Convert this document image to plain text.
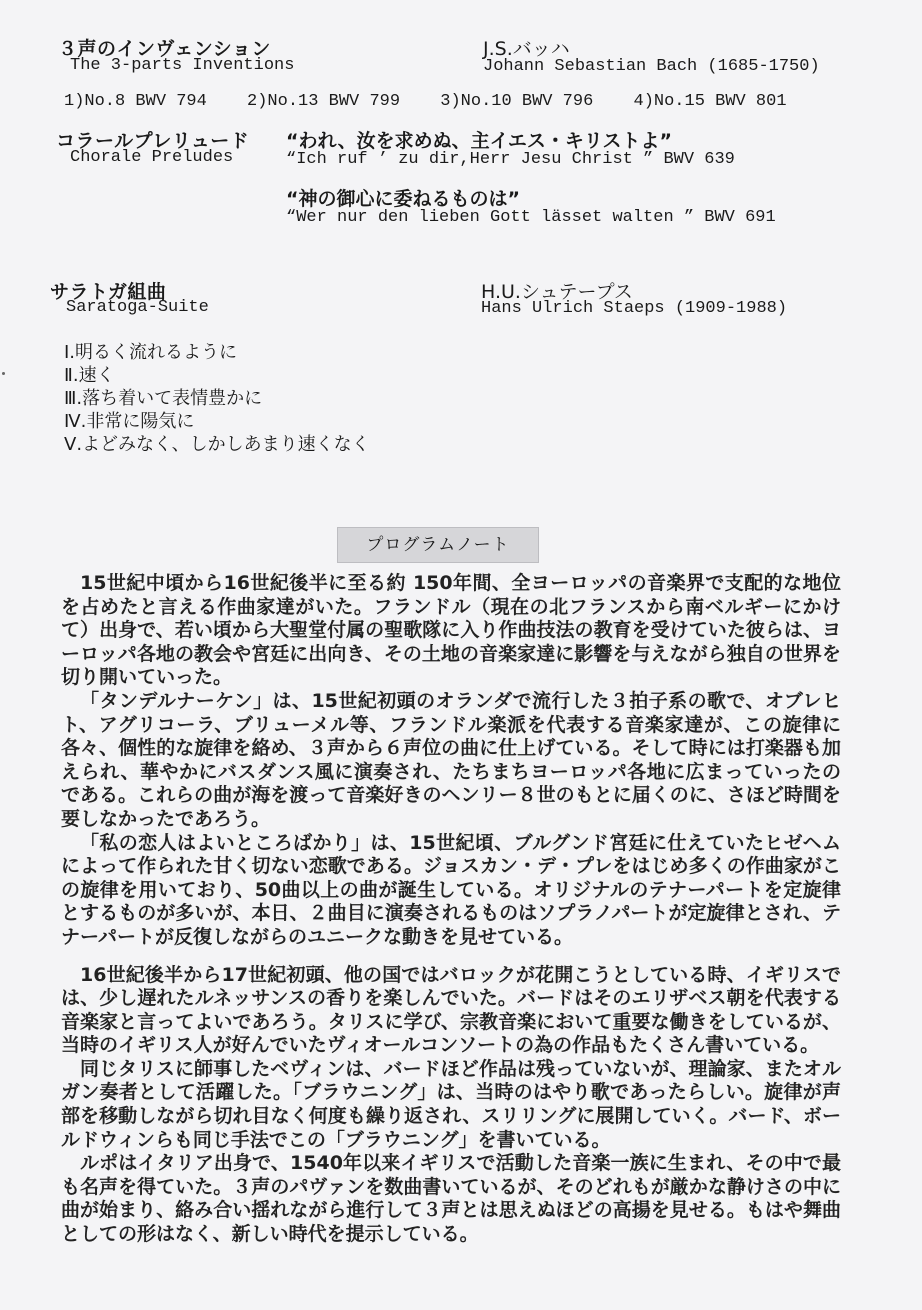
３声のインヴェンション
The 3-parts Inventions
J.S.バッハ
Johann Sebastian Bach (1685-1750)
1)No.8 BWV 794 2)No.13 BWV 799 3)No.10 BWV 796 4)No.15 BWV 801
コラールプレリュード
Chorale Preludes
“われ、汝を求めぬ、主イエス・キリストよ”
“Ich ruf ’ zu dir,Herr Jesu Christ ” BWV 639
“神の御心に委ねるものは”
“Wer nur den lieben Gott lässet walten ” BWV 691
サラトガ組曲
Saratoga-Suite
H.U.シュテープス
Hans Ulrich Staeps (1909-1988)
Ⅰ.明るく流れるように
Ⅱ.速く
Ⅲ.落ち着いて表情豊かに
Ⅳ.非常に陽気に
Ⅴ.よどみなく、しかしあまり速くなく
プログラムノート

15世紀中頃から16世紀後半に至る約 150年間、全ヨーロッパの音楽界で支配的な地位を占めたと言える作曲家達がいた。フランドル（現在の北フランスから南ベルギーにかけて）出身で、若い頃から大聖堂付属の聖歌隊に入り作曲技法の教育を受けていた彼らは、ヨーロッパ各地の教会や宮廷に出向き、その土地の音楽家達に影響を与えながら独自の世界を切り開いていった。

「タンデルナーケン」は、15世紀初頭のオランダで流行した３拍子系の歌で、オブレヒト、アグリコーラ、ブリューメル等、フランドル楽派を代表する音楽家達が、この旋律に各々、個性的な旋律を絡め、３声から６声位の曲に仕上げている。そして時には打楽器も加えられ、華やかにバスダンス風に演奏され、たちまちヨーロッパ各地に広まっていったのである。これらの曲が海を渡って音楽好きのヘンリー８世のもとに届くのに、さほど時間を要しなかったであろう。

「私の恋人はよいところばかり」は、15世紀頃、ブルグンド宮廷に仕えていたヒゼヘムによって作られた甘く切ない恋歌である。ジョスカン・デ・プレをはじめ多くの作曲家がこの旋律を用いており、50曲以上の曲が誕生している。オリジナルのテナーパートを定旋律とするものが多いが、本日、２曲目に演奏されるものはソプラノパートが定旋律とされ、テナーパートが反復しながらのユニークな動きを見せている。

16世紀後半から17世紀初頭、他の国ではバロックが花開こうとしている時、イギリスでは、少し遅れたルネッサンスの香りを楽しんでいた。バードはそのエリザベス朝を代表する音楽家と言ってよいであろう。タリスに学び、宗教音楽において重要な働きをしているが、当時のイギリス人が好んでいたヴィオールコンソートの為の作品もたくさん書いている。

同じタリスに師事したベヴィンは、バードほど作品は残っていないが、理論家、またオルガン奏者として活躍した。「ブラウニング」は、当時のはやり歌であったらしい。旋律が声部を移動しながら切れ目なく何度も繰り返され、スリリングに展開していく。バード、ボールドウィンらも同じ手法でこの「ブラウニング」を書いている。

ルポはイタリア出身で、1540年以来イギリスで活動した音楽一族に生まれ、その中で最も名声を得ていた。３声のパヴァンを数曲書いているが、そのどれもが厳かな静けさの中に曲が始まり、絡み合い揺れながら進行して３声とは思えぬほどの高揚を見せる。もはや舞曲としての形はなく、新しい時代を提示している。
